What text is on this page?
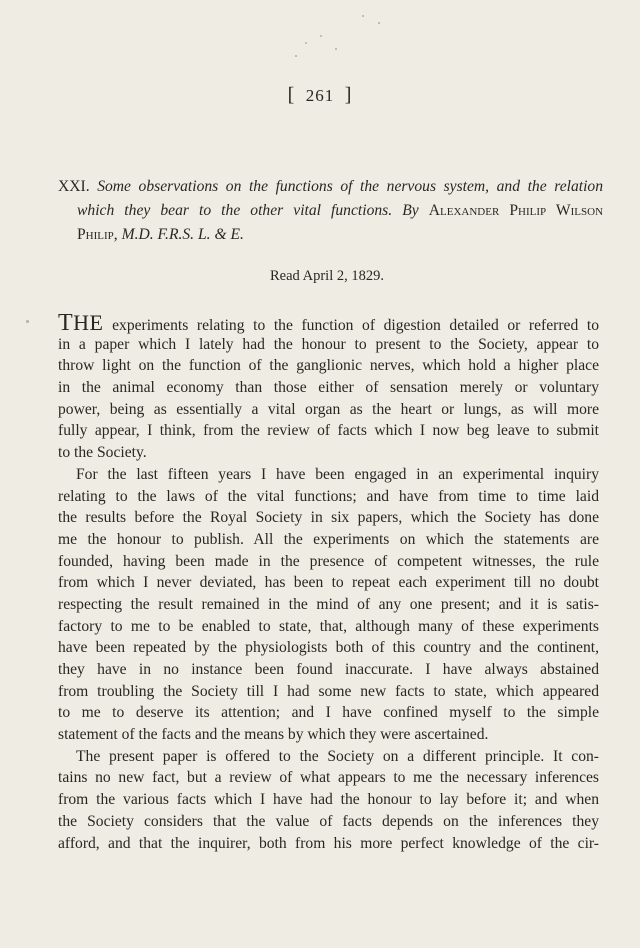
[ 261 ]
XXI. Some observations on the functions of the nervous system, and the relation
which they bear to the other vital functions. By Alexander Philip Wilson
Philip, M.D. F.R.S. L. & E.
Read April 2, 1829.
THE experiments relating to the function of digestion detailed or referred to
in a paper which I lately had the honour to present to the Society, appear to
throw light on the function of the ganglionic nerves, which hold a higher place
in the animal economy than those either of sensation merely or voluntary
power, being as essentially a vital organ as the heart or lungs, as will more
fully appear, I think, from the review of facts which I now beg leave to submit
to the Society.
For the last fifteen years I have been engaged in an experimental inquiry
relating to the laws of the vital functions; and have from time to time laid
the results before the Royal Society in six papers, which the Society has done
me the honour to publish. All the experiments on which the statements are
founded, having been made in the presence of competent witnesses, the rule
from which I never deviated, has been to repeat each experiment till no doubt
respecting the result remained in the mind of any one present; and it is satis-
factory to me to be enabled to state, that, although many of these experiments
have been repeated by the physiologists both of this country and the continent,
they have in no instance been found inaccurate. I have always abstained
from troubling the Society till I had some new facts to state, which appeared
to me to deserve its attention; and I have confined myself to the simple
statement of the facts and the means by which they were ascertained.
The present paper is offered to the Society on a different principle. It con-
tains no new fact, but a review of what appears to me the necessary inferences
from the various facts which I have had the honour to lay before it; and when
the Society considers that the value of facts depends on the inferences they
afford, and that the inquirer, both from his more perfect knowledge of the cir-
